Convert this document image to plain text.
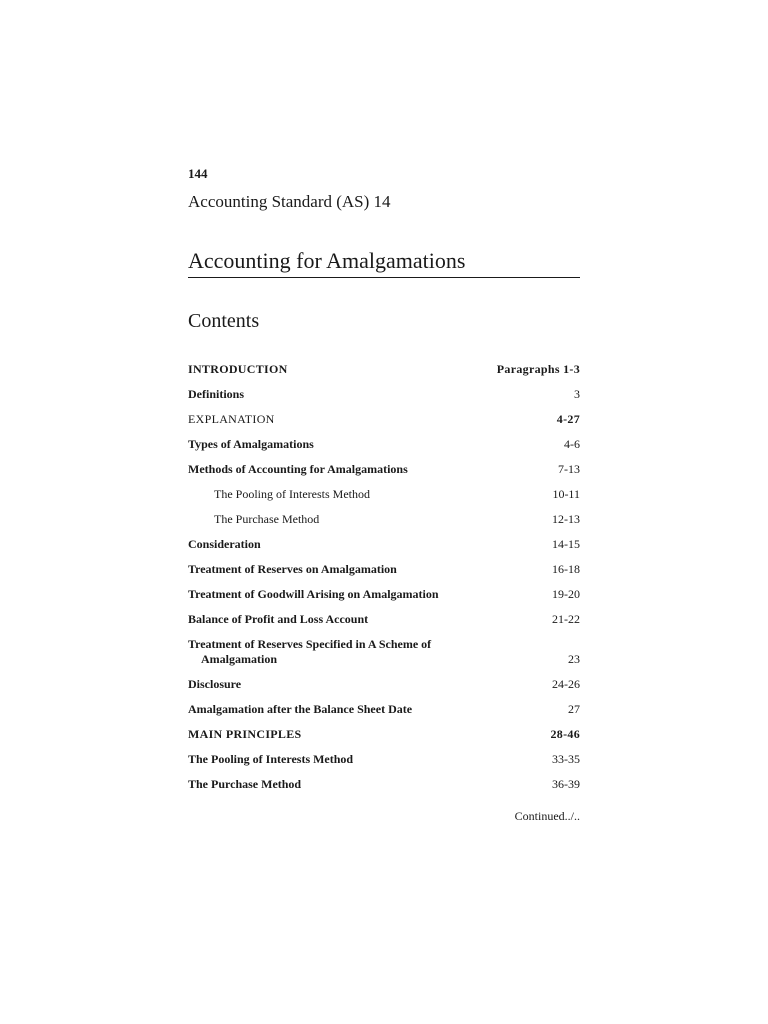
144
Accounting Standard (AS) 14
Accounting for Amalgamations
Contents
INTRODUCTION	Paragraphs 1-3
Definitions	3
EXPLANATION	4-27
Types of Amalgamations	4-6
Methods of Accounting for Amalgamations	7-13
The Pooling of Interests Method	10-11
The Purchase Method	12-13
Consideration	14-15
Treatment of Reserves on Amalgamation	16-18
Treatment of Goodwill Arising on Amalgamation	19-20
Balance of Profit and Loss Account	21-22
Treatment of Reserves Specified in A Scheme of
Amalgamation	23
Disclosure	24-26
Amalgamation after the Balance Sheet Date	27
MAIN PRINCIPLES	28-46
The Pooling of Interests Method	33-35
The Purchase Method	36-39
Continued../..
